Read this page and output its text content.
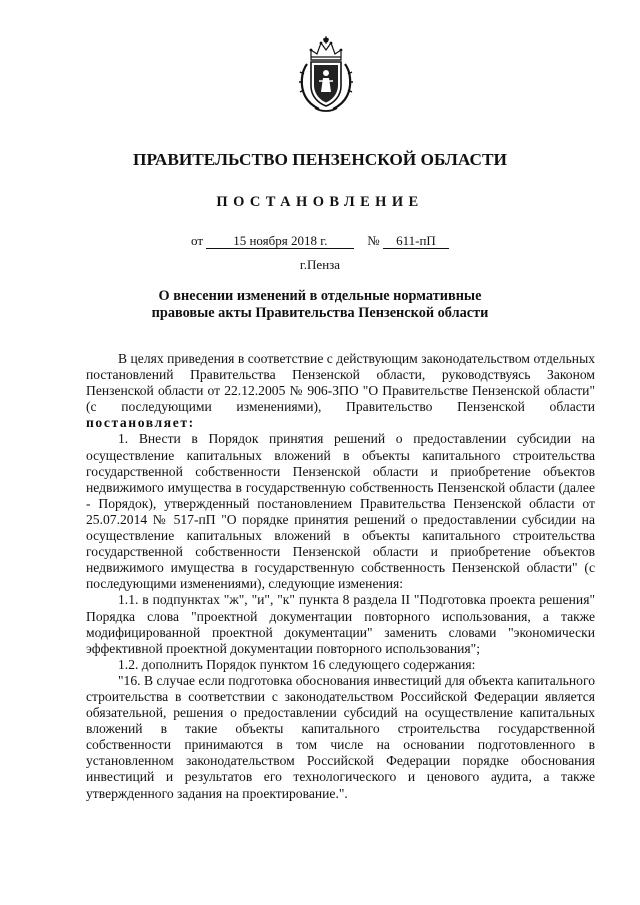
ПРАВИТЕЛЬСТВО ПЕНЗЕНСКОЙ ОБЛАСТИ
ПОСТАНОВЛЕНИЕ
от 15 ноября 2018 г.	№ 611-пП
г.Пенза
О внесении изменений в отдельные нормативные
правовые акты Правительства Пензенской области

В целях приведения в соответствие с действующим законодательством отдельных постановлений Правительства Пензенской области, руководствуясь Законом Пензенской области от 22.12.2005 № 906-ЗПО "О Правительстве Пензенской области" (с последующими изменениями), Правительство Пензенской области постановляет:

1. Внести в Порядок принятия решений о предоставлении субсидии на осуществление капитальных вложений в объекты капитального строительства государственной собственности Пензенской области и приобретение объектов недвижимого имущества в государственную собственность Пензенской области (далее - Порядок), утвержденный постановлением Правительства Пензенской области от 25.07.2014 № 517-пП "О порядке принятия решений о предоставлении субсидии на осуществление капитальных вложений в объекты капитального строительства государственной собственности Пензенской области и приобретение объектов недвижимого имущества в государственную собственность Пензенской области" (с последующими изменениями), следующие изменения:

1.1. в подпунктах "ж", "и", "к" пункта 8 раздела II "Подготовка проекта решения" Порядка слова "проектной документации повторного использования, а также модифицированной проектной документации" заменить словами "экономически эффективной проектной документации повторного использования";

1.2. дополнить Порядок пунктом 16 следующего содержания:

"16. В случае если подготовка обоснования инвестиций для объекта капитального строительства в соответствии с законодательством Российской Федерации является обязательной, решения о предоставлении субсидий на осуществление капитальных вложений в такие объекты капитального строительства государственной собственности принимаются в том числе на основании подготовленного в установленном законодательством Российской Федерации порядке обоснования инвестиций и результатов его технологического и ценового аудита, а также утвержденного задания на проектирование.".
